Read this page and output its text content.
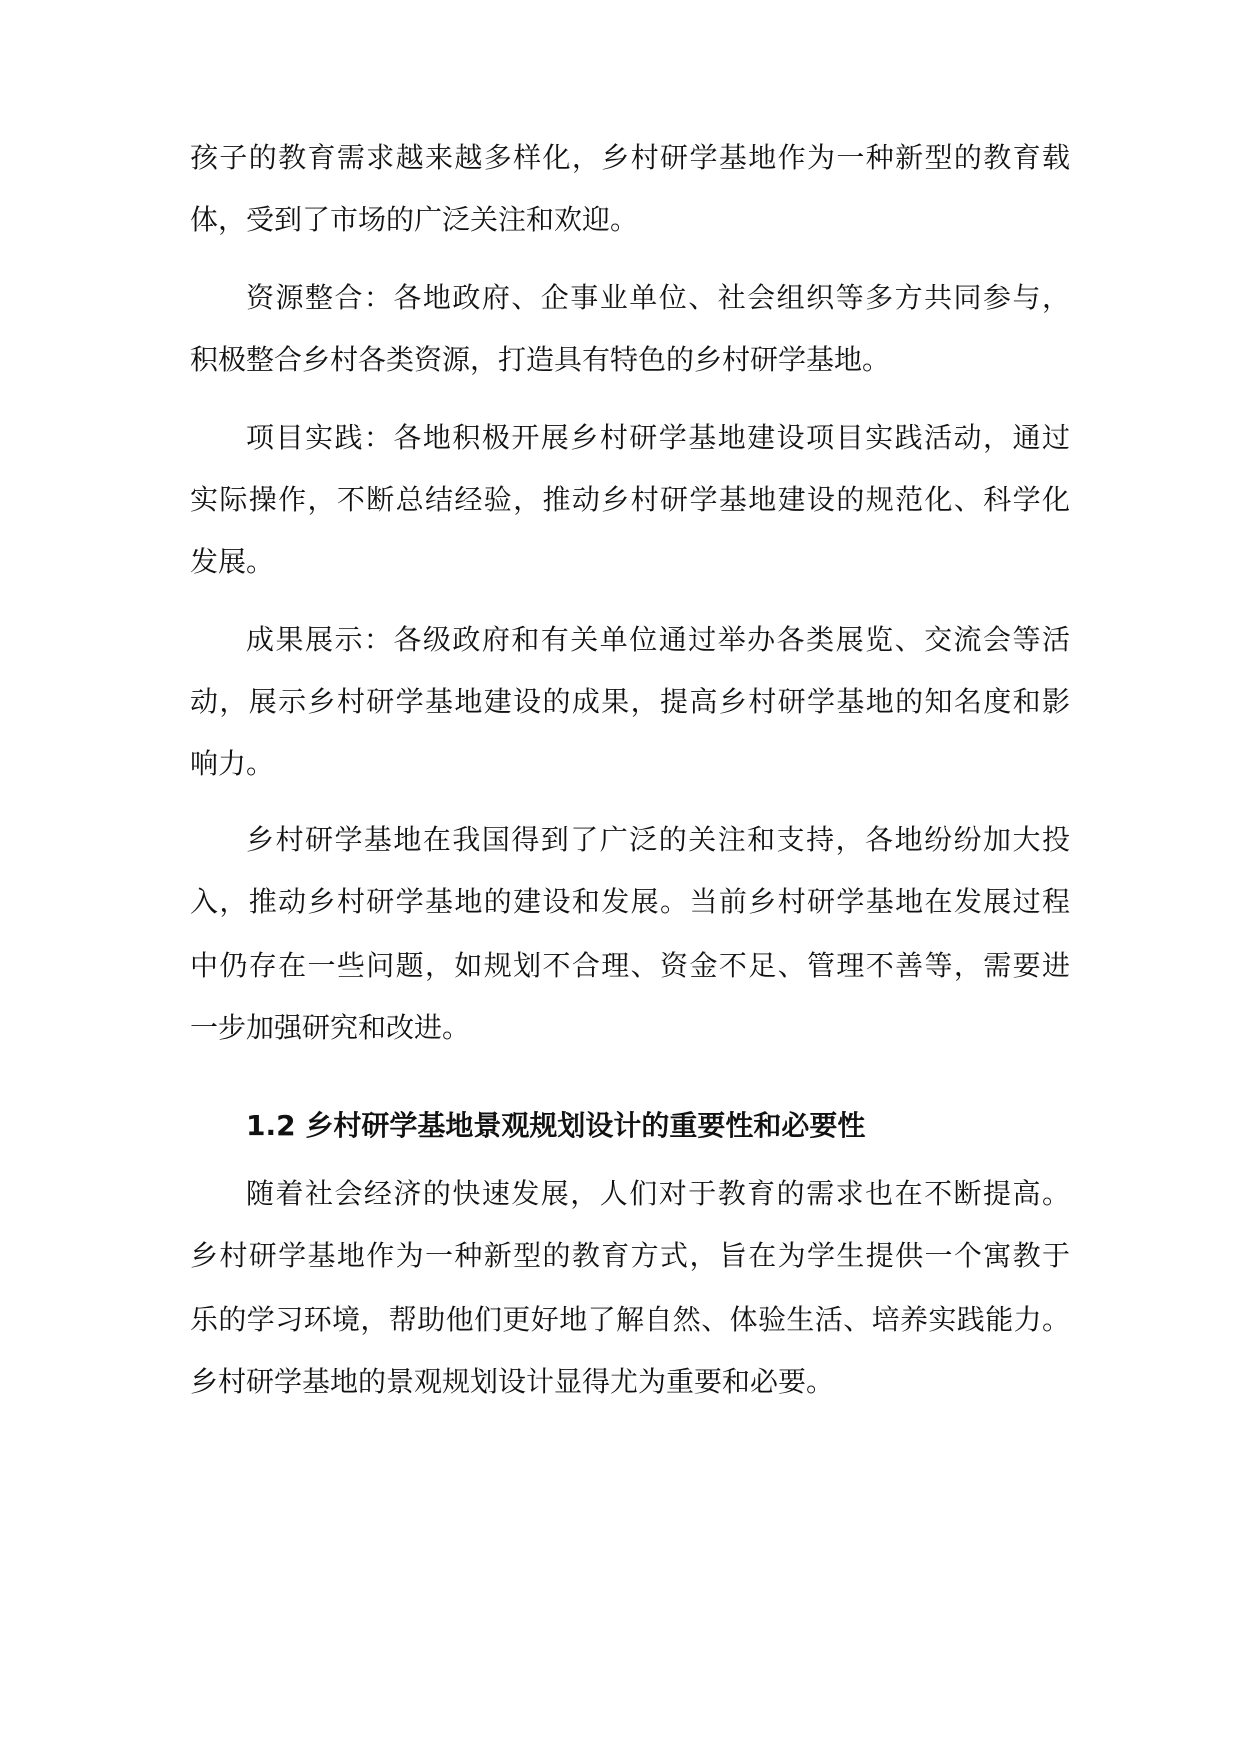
孩子的教育需求越来越多样化，乡村研学基地作为一种新型的教育载
体，受到了市场的广泛关注和欢迎。
资源整合：各地政府、企事业单位、社会组织等多方共同参与，
积极整合乡村各类资源，打造具有特色的乡村研学基地。
项目实践：各地积极开展乡村研学基地建设项目实践活动，通过
实际操作，不断总结经验，推动乡村研学基地建设的规范化、科学化
发展。
成果展示：各级政府和有关单位通过举办各类展览、交流会等活
动，展示乡村研学基地建设的成果，提高乡村研学基地的知名度和影
响力。
乡村研学基地在我国得到了广泛的关注和支持，各地纷纷加大投
入，推动乡村研学基地的建设和发展。当前乡村研学基地在发展过程
中仍存在一些问题，如规划不合理、资金不足、管理不善等，需要进
一步加强研究和改进。
1.2 乡村研学基地景观规划设计的重要性和必要性
随着社会经济的快速发展，人们对于教育的需求也在不断提高。
乡村研学基地作为一种新型的教育方式，旨在为学生提供一个寓教于
乐的学习环境，帮助他们更好地了解自然、体验生活、培养实践能力。
乡村研学基地的景观规划设计显得尤为重要和必要。
